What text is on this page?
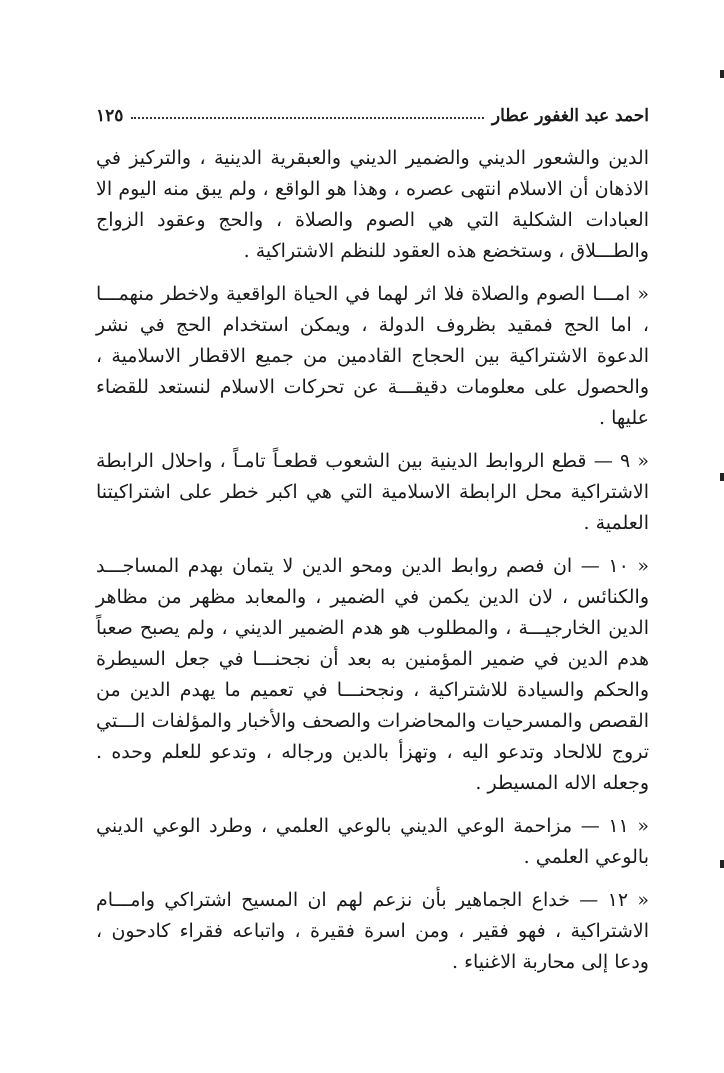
١٢٥	احمد عبد الغفور عطار

الدين والشعور الديني والضمير الديني والعبقرية الدينية ، والتركيز في الاذهان أن الاسلام انتهى عصره ، وهذا هو الواقع ، ولم يبق منه اليوم الا العبادات الشكلية التي هي الصوم والصلاة ، والحج وعقود الزواج والطـــلاق ، وستخضع هذه العقود للنظم الاشتراكية .

« امـــا الصوم والصلاة فلا اثر لهما في الحياة الواقعية ولاخطر منهمـــا ، اما الحج فمقيد بظروف الدولة ، ويمكن استخدام الحج في نشر الدعوة الاشتراكية بين الحجاج القادمين من جميع الاقطار الاسلامية ، والحصول على معلومات دقيقـــة عن تحركات الاسلام لنستعد للقضاء عليها .

« ٩ — قطع الروابط الدينية بين الشعوب قطعـاً تامـاً ، واحلال الرابطة الاشتراكية محل الرابطة الاسلامية التي هي اكبر خطر على اشتراكيتنا العلمية .

« ١٠ — ان فصم روابط الدين ومحو الدين لا يتمان بهدم المساجـــد والكنائس ، لان الدين يكمن في الضمير ، والمعابد مظهر من مظاهر الدين الخارجيـــة ، والمطلوب هو هدم الضمير الديني ، ولم يصبح صعباً هدم الدين في ضمير المؤمنين به بعد أن نجحنـــا في جعل السيطرة والحكم والسيادة للاشتراكية ، ونجحنـــا في تعميم ما يهدم الدين من القصص والمسرحيات والمحاضرات والصحف والأخبار والمؤلفات الـــتي تروج للالحاد وتدعو اليه ، وتهزأ بالدين ورجاله ، وتدعو للعلم وحده . وجعله الاله المسيطر .

« ١١ — مزاحمة الوعي الديني بالوعي العلمي ، وطرد الوعي الديني بالوعي العلمي .

« ١٢ — خداع الجماهير بأن نزعم لهم ان المسيح اشتراكي وامـــام الاشتراكية ، فهو فقير ، ومن اسرة فقيرة ، واتباعه فقراء كادحون ، ودعا إلى محاربة الاغنياء .
